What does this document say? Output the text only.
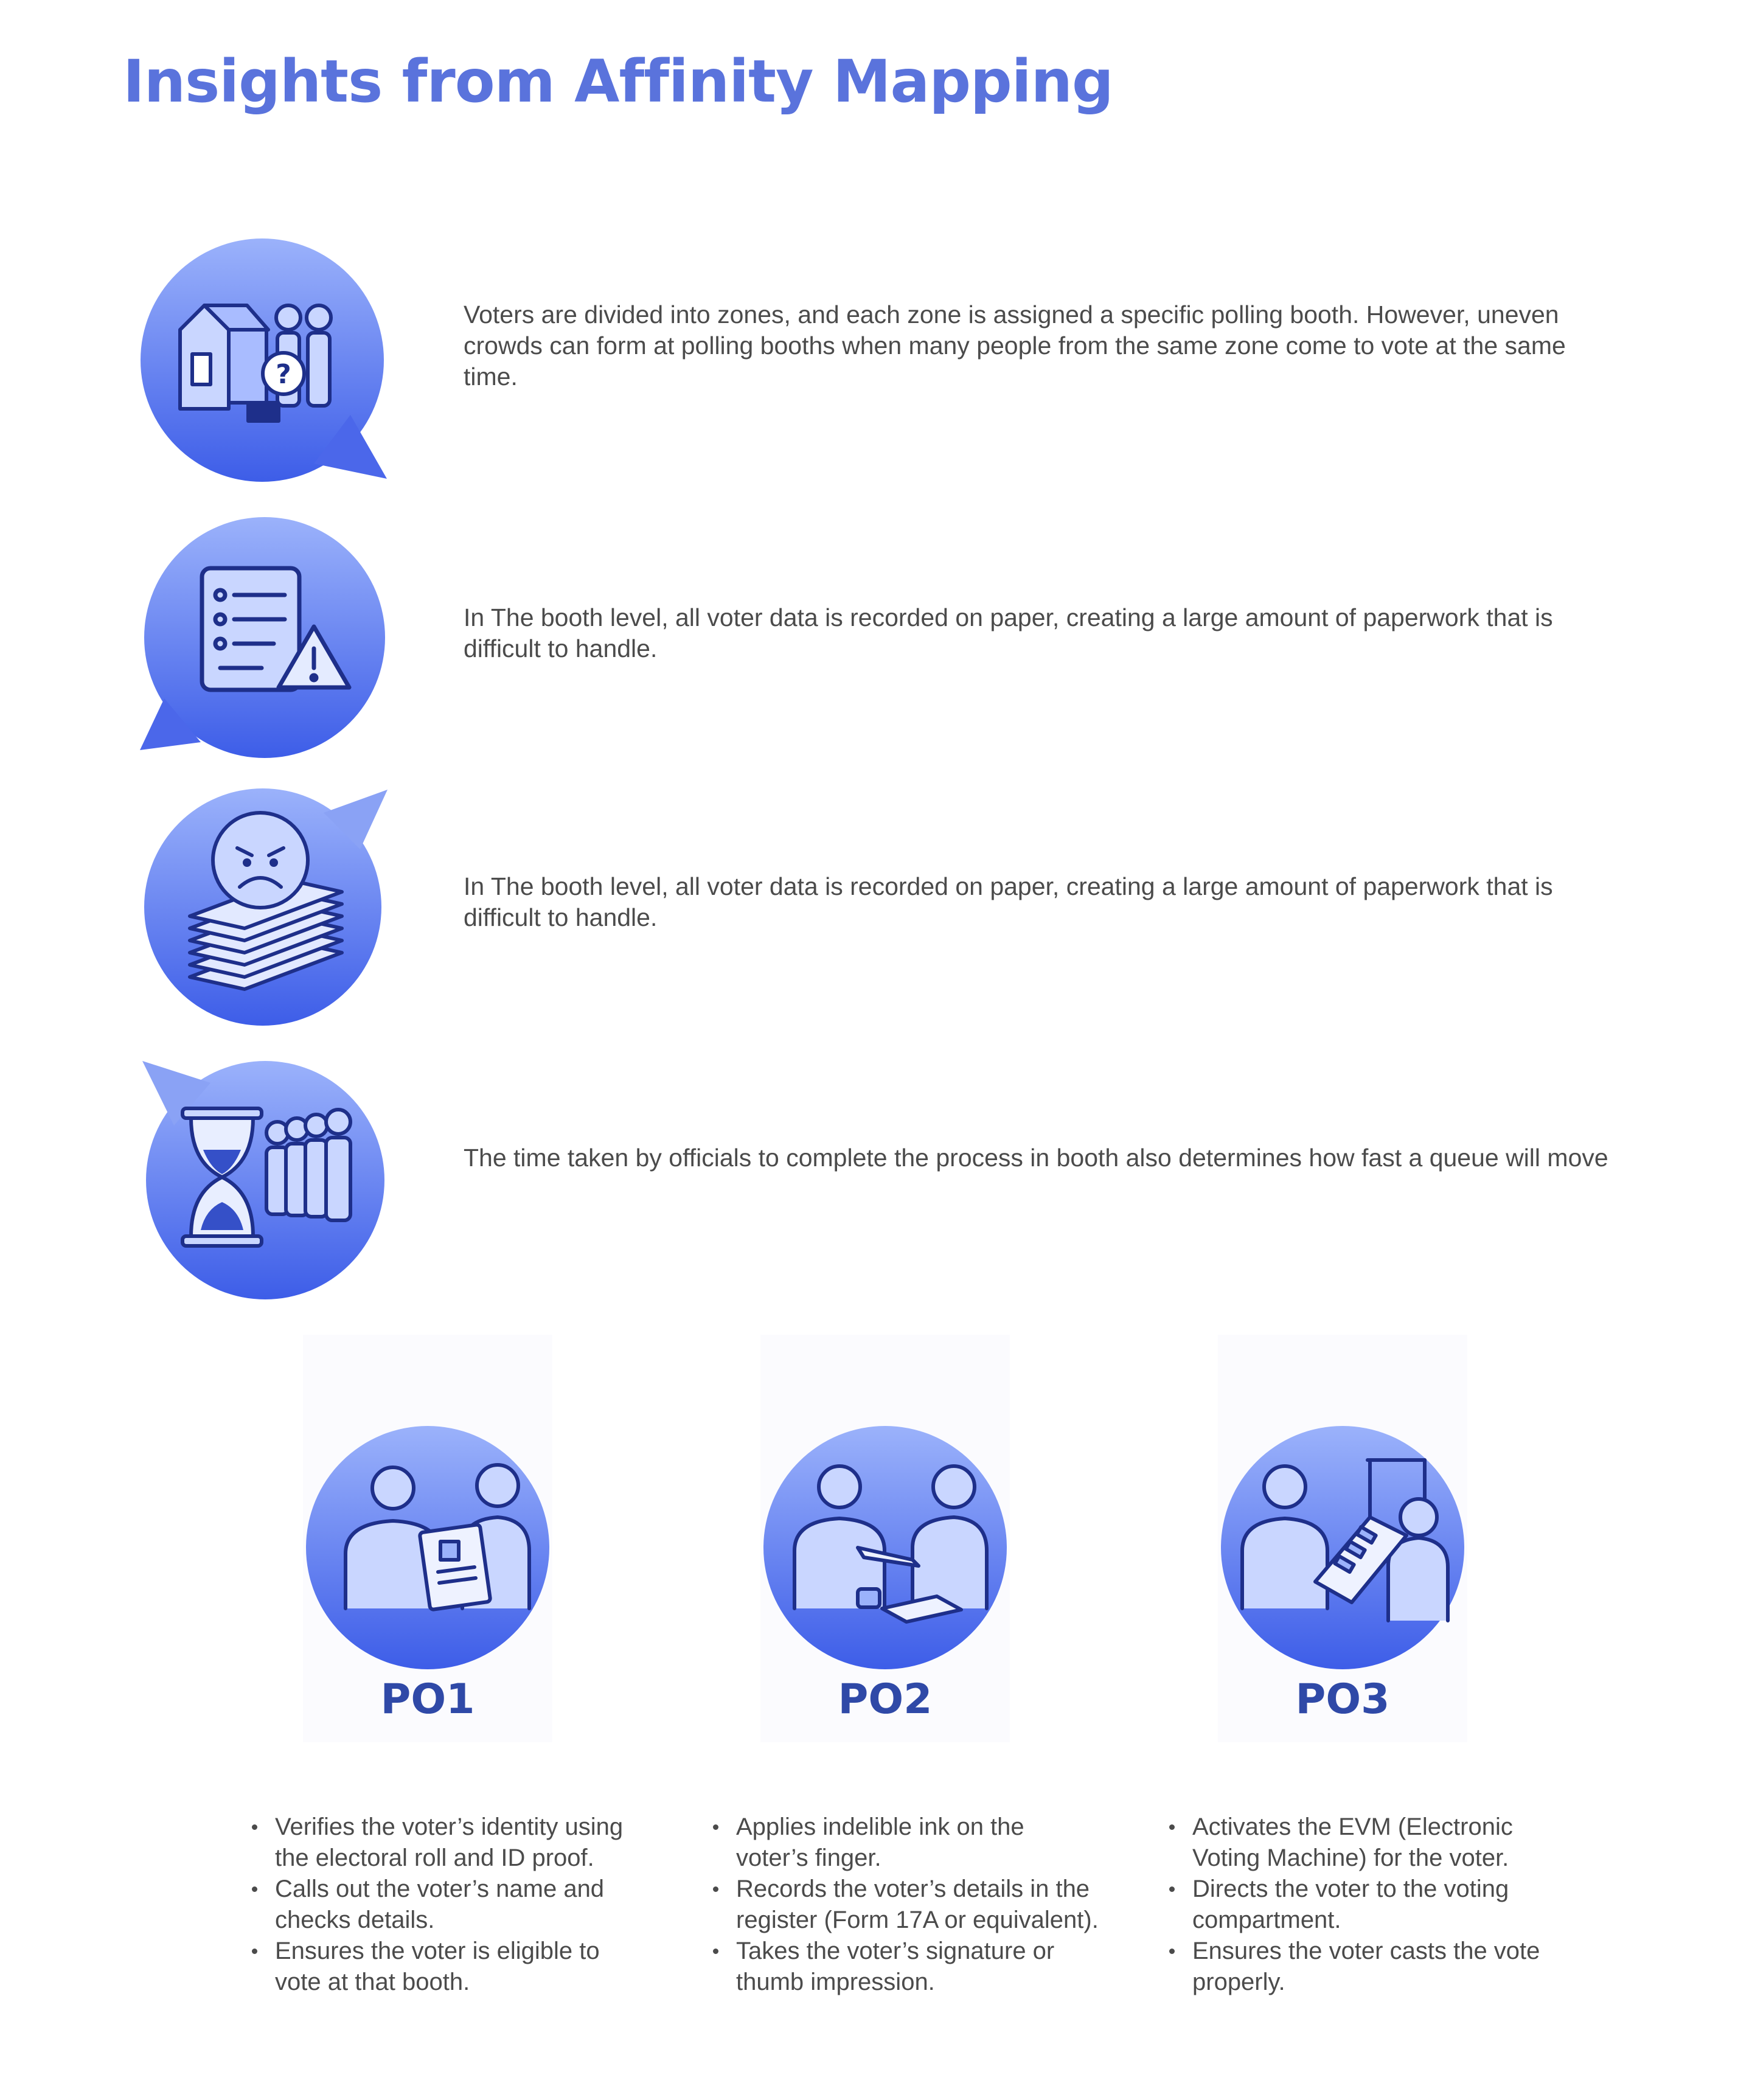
Insights from Affinity Mapping
?

Voters are divided into zones, and each zone is assigned a specific polling booth. However, uneven crowds can form at polling booths when many people from the same zone come to vote at the same time.

In The booth level, all voter data is recorded on paper, creating a large amount of paperwork that is difficult to handle.

In The booth level, all voter data is recorded on paper, creating a large amount of paperwork that is difficult to handle.

The time taken by officials to complete the process in booth also determines how fast a queue will move

PO1
Verifies the voter’s identity using the electoral roll and ID proof.
Calls out the voter’s name and checks details.
Ensures the voter is eligible to vote at that booth.
PO2
Applies indelible ink on the voter’s finger.
Records the voter’s details in the register (Form 17A or equivalent).
Takes the voter’s signature or thumb impression.
PO3
Activates the EVM (Electronic Voting Machine) for the voter.
Directs the voter to the voting compartment.
Ensures the voter casts the vote properly.
